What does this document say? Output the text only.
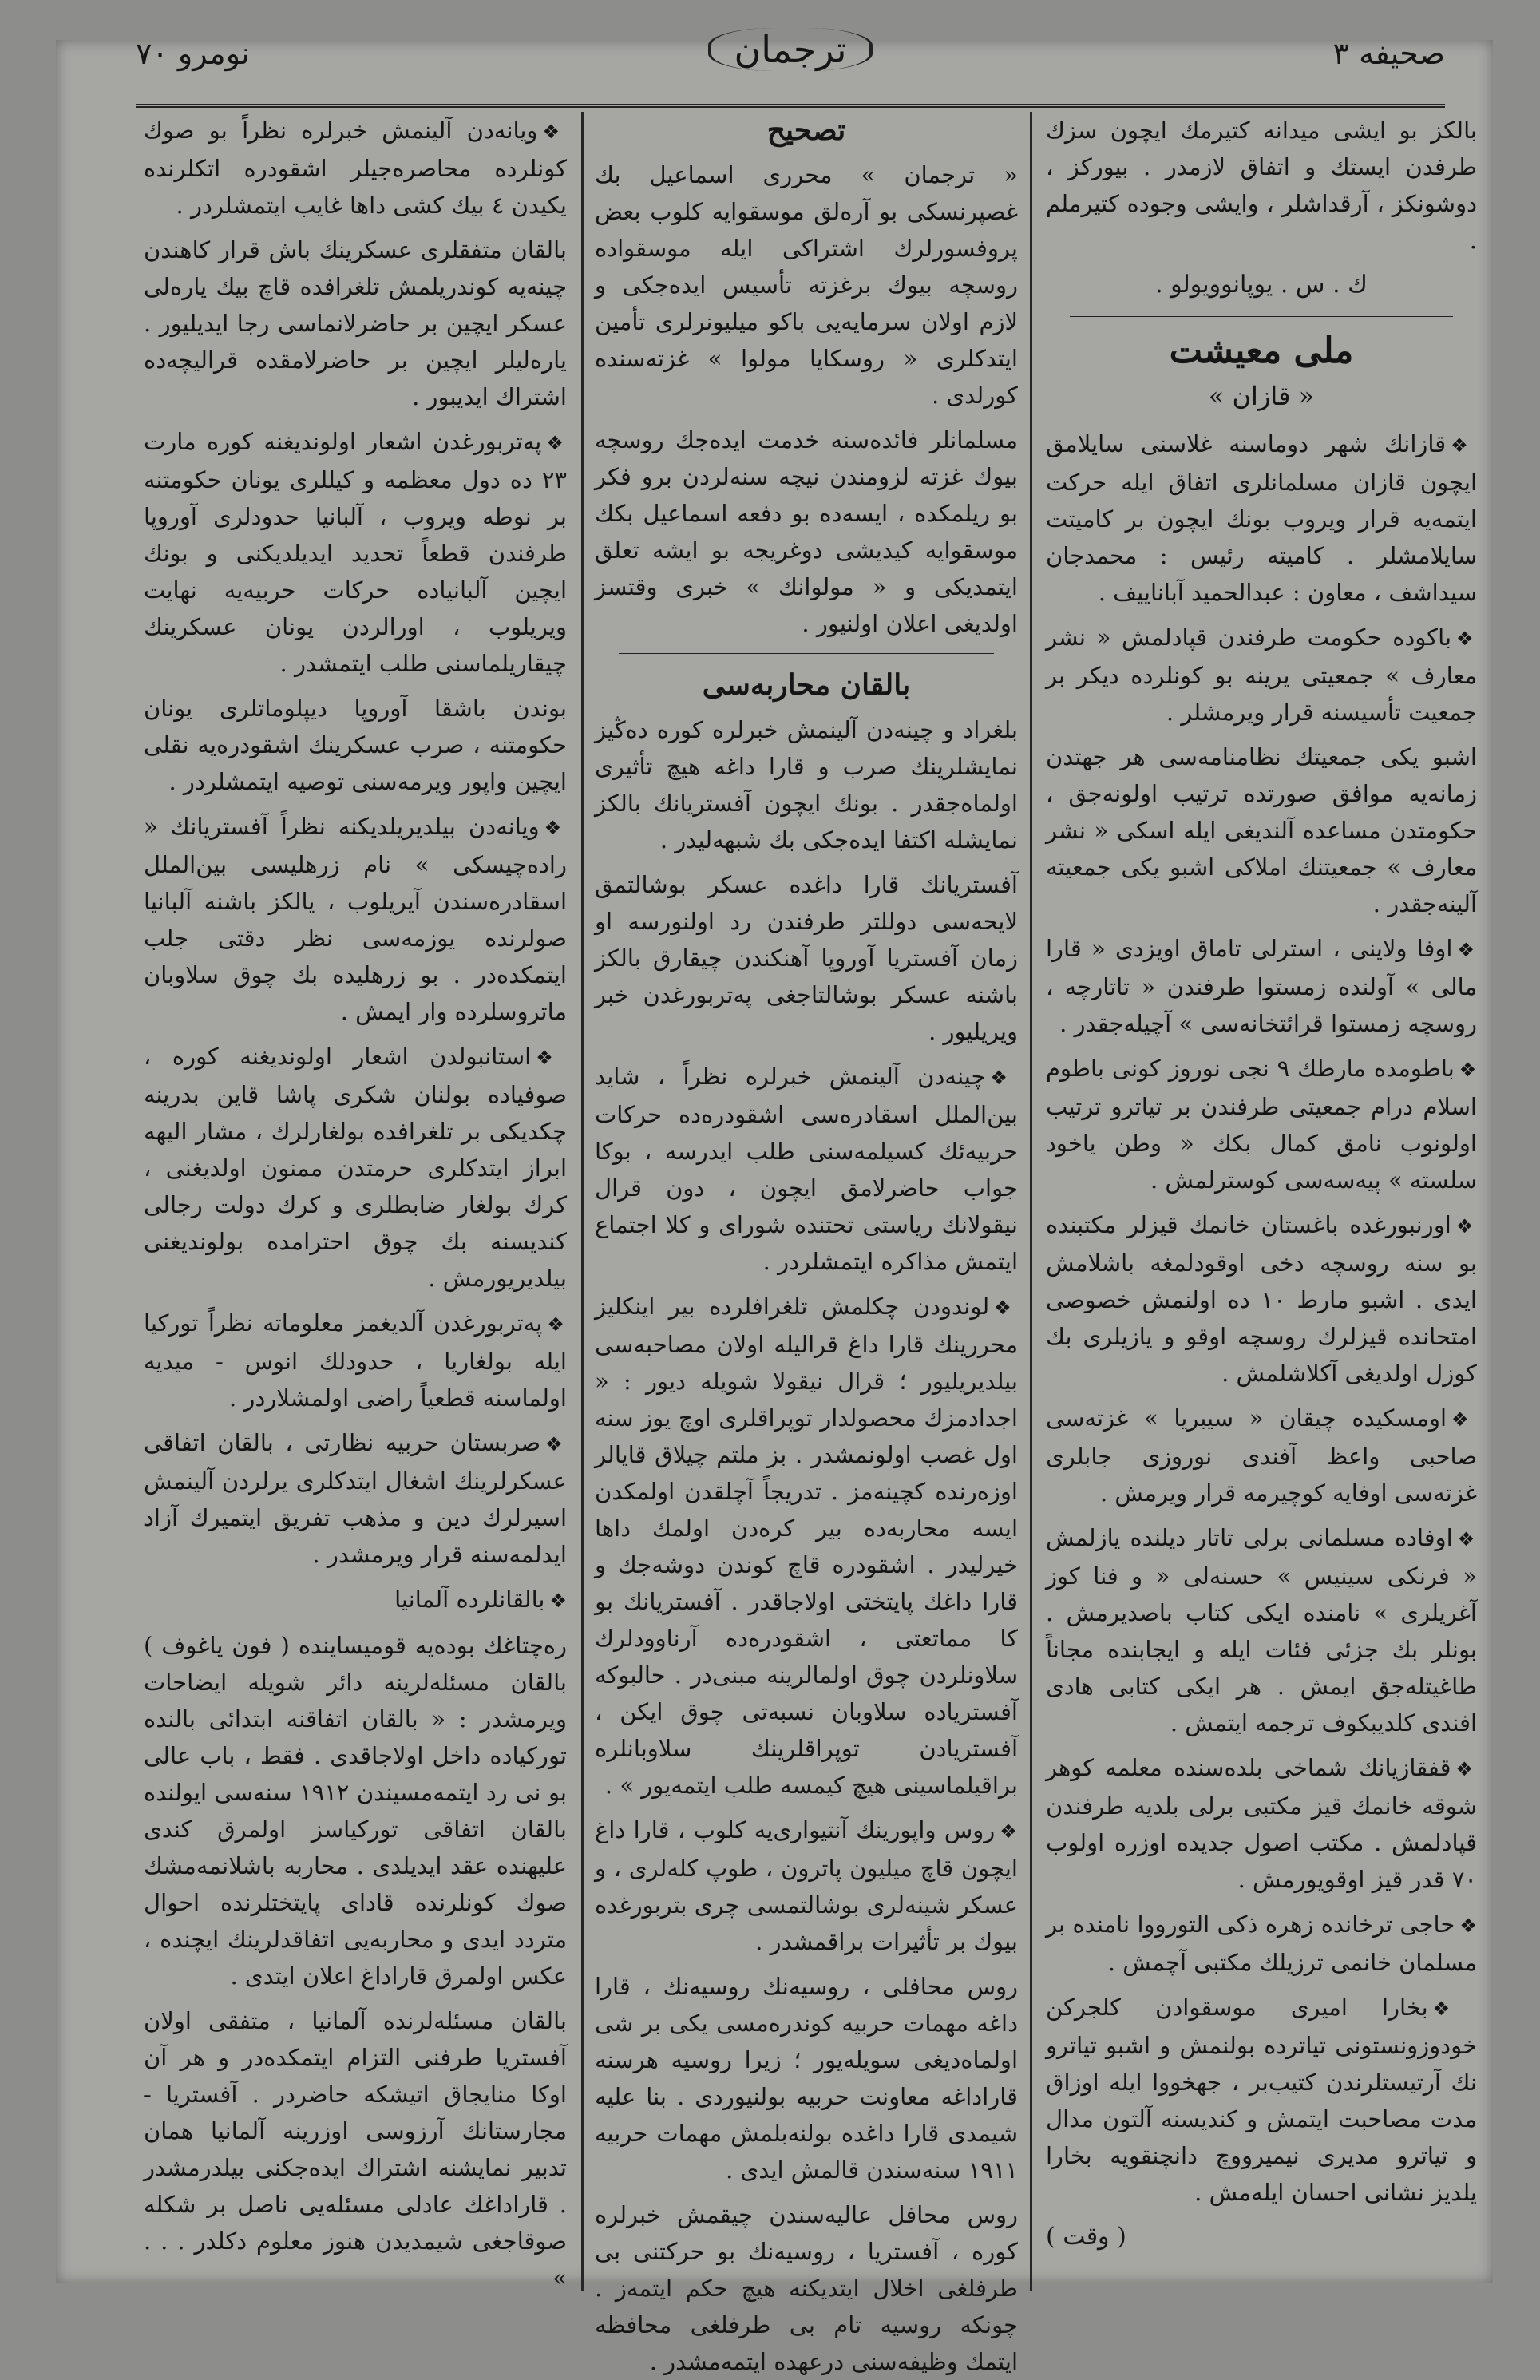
نومرو ٧٠	ترجمان	صحیفه ٣

بالکز بو ایشی میدانه کتیرمك ایچون سزك طرفدن ایستك و اتفاق لازمدر . بیورکز ، دوشونکز ، آرقداشلر ، وایشی وجوده کتیرملم .

ك . س . یوپانوویولو .
ملی معیشت
« قازان »

❖قازانك شهر دوماسنه غلاسنی سایلامق ایچون قازان مسلمانلری اتفاق ایله حرکت ایتمه‌یه قرار ویروب بونك ایچون بر کامیتت سایلامشلر . کامیته رئیس : محمدجان سیداشف ، معاون : عبدالحمید آباناییف .

❖باکوده حکومت طرفندن قپادلمش « نشر معارف » جمعیتی یرینه بو کونلرده دیکر بر جمعیت تأسیسنه قرار ویرمشلر .

اشبو یکی جمعیتك نظامنامه‌سی هر جهتدن زمانه‌یه موافق صورتده ترتیب اولونه‌جق ، حکومتدن مساعده آلندیغی ایله اسکی « نشر معارف » جمعیتنك املاکی اشبو یکی جمعیته آلینه‌جقدر .

❖اوفا ولاینی ، استرلی تاماق اویزدی « قارا مالی » آولنده زمستوا طرفندن « تاتارچه ، روسچه زمستوا قرائتخانه‌سی » آچیله‌جقدر .

❖باطومده مارطك ٩ نجی نوروز کونی باطوم اسلام درام جمعیتی طرفندن بر تیاترو ترتیب اولونوب نامق کمال بکك « وطن یاخود سلسته » پیه‌سه‌سی کوسترلمش .

❖اورنبورغده باغستان خانمك قیزلر مکتبنده بو سنه روسچه دخی اوقودلمغه باشلامش ایدی . اشبو مارط ١٠ ده اولنمش خصوصی امتحانده قیزلرك روسچه اوقو و یازیلری بك کوزل اولدیغی آکلاشلمش .

❖اومسکیده چیقان « سیبریا » غزته‌سی صاحبی واعظ آفندی نوروزی جابلری غزته‌سی اوفایه کوچیرمه قرار ویرمش .

❖اوفاده مسلمانی برلی تاتار دیلنده یازلمش « فرنکی سینیس » حسنه‌لی « و فنا کوز آغریلری » نامنده ایکی کتاب باصدیرمش . بونلر بك جزئی فئات ایله و ایجابنده مجاناً طاغیتله‌جق ایمش . هر ایکی کتابی هادی افندی کلدیبکوف ترجمه ایتمش .

❖قفقازیانك شماخی بلده‌سنده معلمه کوهر شوقه خانمك قیز مکتبی برلی بلدیه طرفندن قپادلمش . مکتب اصول جدیده اوزره اولوب ٧٠ قدر قیز اوقویورمش .

❖حاجی ترخانده زهره ذکی التورووا نامنده بر مسلمان خانمی ترزیلك مکتبی آچمش .

❖بخارا امیری موسقوادن کلجرکن خودوزونستونی تیاترده بولنمش و اشبو تیاترو نك آرتیستلرندن کتیب‌بر ، جهخووا ایله اوزاق مدت مصاحبت ایتمش و کندیسنه آلتون مدال و تیاترو مدیری نیمیرووچ دانچنقویه بخارا یلدیز نشانی احسان ایله‌مش .

( وقت )
تصحیح

« ترجمان » محرری اسماعیل بك غصپرنسکی بو آره‌لق موسقوایه کلوب بعض پروفسورلرك اشتراکی ایله موسقواده روسچه بیوك برغزته تأسیس ایده‌جکی و لازم اولان سرمایه‌یی باکو میلیونرلری تأمین ایتدکلری « روسکایا مولوا » غزته‌سنده کورلدی .

مسلمانلر فائده‌سنه خدمت ایده‌جك روسچه بیوك غزته لزومندن نیچه سنه‌لردن برو فکر بو ریلمکده ، ایسه‌ده بو دفعه اسماعیل بکك موسقوایه کیدیشی دوغریجه بو ایشه تعلق ایتمدیکی و « مولوانك » خبری وقتسز اولدیغی اعلان اولنیور .

بالقان محاربه‌سی

بلغراد و چینه‌دن آلینمش خبرلره کوره دەڭیز نمایشلرینك صرب و قارا داغه هیچ تأثیری اولماه‌جقدر . بونك ایچون آفستریانك بالکز نمایشله اکتفا ایده‌جکی بك شبهه‌لیدر .

آفستریانك قارا داغده عسکر بوشالتمق لایحه‌سی دوللتر طرفندن رد اولنورسه او زمان آفستریا آوروپا آهنکندن چیقارق بالکز باشنه عسکر بوشالتاجغی پەتربورغدن خبر ویریلیور .

❖چینه‌دن آلینمش خبرلره نظراً ، شاید بین‌الملل اسقادره‌سی اشقودره‌ده حرکات حربیه‌ئك کسیلمه‌سنی طلب ایدرسه ، بوکا جواب حاضرلامق ایچون ، دون قرال نیقولانك ریاستی تحتنده شورای و کلا اجتماع ایتمش مذاکره ایتمشلردر .

❖لوندودن چکلمش تلغرافلرده بیر اینکلیز محررینك قارا داغ قرالیله اولان مصاحبه‌سی بیلدیریلیور ؛ قرال نیقولا شویله دیور : « اجدادمزك محصولدار توپراقلری اوچ یوز سنه اول غصب اولونمشدر . بز ملتم چیلاق قایالر اوزه‌رنده کچینه‌مز . تدریجاً آچلقدن اولمکدن ایسه محاربه‌ده بیر کره‌دن اولمك داها خیرلیدر . اشقودره قاچ کوندن دوشه‌جك و قارا داغك پایتختی اولاجاقدر . آفستریانك بو کا مماتعتی ، اشقودره‌ده آرناوودلرك سلاونلردن چوق اولمالرینه مبنی‌در . حالبوکه آفستریاده سلاوبان نسبه‌تی چوق ایکن ، آفستریادن توپراقلرینك سلاوبانلره براقیلماسینی هیچ کیمسه طلب ایتمه‌یور » .

❖روس واپورینك آنتیواری‌یه کلوب ، قارا داغ ایچون قاچ میلیون پاترون ، طوپ کله‌لری ، و عسکر شینه‌لری بوشالتمسی چری بتربورغده بیوك بر تأثیرات براقمشدر .

روس محافلی ، روسیه‌نك روسیه‌نك ، قارا داغه مهمات حربیه کوندره‌مسی یکی بر شی اولماه‌دیغی سویله‌یور ؛ زیرا روسیه هرسنه قاراداغه معاونت حربیه بولنیوردی . بنا علیه شیمدی قارا داغده بولنه‌بلمش مهمات حربیه ١٩١١ سنه‌سندن قالمش ایدی .

روس محافل عالیه‌سندن چیقمش خبرلره کوره ، آفستریا ، روسیه‌نك بو حرکتنی بی طرفلغی اخلال ایتدیکنه هیچ حکم ایتمەز . چونکه روسیه تام بی طرفلغی محافظه ایتمك وظیفه‌سنی درعهده ایتمەمشدر .

❖ویانه‌دن آلینمش خبرلره نظراً بو صوك کونلرده محاصره‌جیلر اشقودره اتکلرنده یکیدن ٤ بیك کشی داها غایب ایتمشلردر .

بالقان متفقلری عسکرینك باش قرار کاهندن چینه‌یه کوندریلمش تلغرافده قاچ بیك یاره‌لی عسکر ایچین بر حاضرلانماسی رجا ایدیلیور . یاره‌لیلر ایچین بر حاضرلامقده قرالیچه‌ده اشتراك ایدیبور .

❖پەتربورغدن اشعار اولوندیغنه کوره مارت ٢٣ ده دول معظمه و کیللری یونان حکومتنه بر نوطه ویروب ، آلبانیا حدودلری آوروپا طرفندن قطعاً تحدید ایدیلدیکنی و بونك ایچین آلبانیاده حرکات حربیه‌یه نهایت ویریلوب ، اورالردن یونان عسکرینك چیقاریلماسنی طلب ایتمشدر .

بوندن باشقا آوروپا دیپلوماتلری یونان حکومتنه ، صرب عسکرینك اشقودره‌یه نقلی ایچین واپور ویرمه‌سنی توصیه ایتمشلردر .

❖ویانه‌دن بیلدیریلدیکنه نظراً آفستریانك « راده‌چیسکی » نام زرهلیسی بین‌الملل اسقادره‌سندن آیریلوب ، یالکز باشنه آلبانیا صولرنده یوزمه‌سی نظر دقتی جلب ایتمکده‌در . بو زرهلیده بك چوق سلاوبان ماتروسلرده وار ایمش .

❖استانبولدن اشعار اولوندیغنه کوره ، صوفیاده بولنان شکری پاشا قاین بدرینه چکدیکی بر تلغرافده بولغارلرك ، مشار الیهه ابراز ایتدکلری حرمتدن ممنون اولدیغنی ، کرك بولغار ضابطلری و کرك دولت رجالی کندیسنه بك چوق احترامده بولوندیغنی بیلدیریورمش .

❖پەتربورغدن آلدیغمز معلوماته نظراً تورکیا ایله بولغاریا ، حدودلك انوس - میدیه اولماسنه قطعیاً راضی اولمشلاردر .

❖صربستان حربیه نظارتی ، بالقان اتفاقی عسکرلرینك اشغال ایتدکلری یرلردن آلینمش اسیرلرك دین و مذهب تفریق ایتمیرك آزاد ایدلمه‌سنه قرار ویرمشدر .

❖بالقانلرده آلمانیا

ره‌چتاغك بوده‌یه قومیساینده ( فون یاغوف ) بالقان مسئله‌لرینه دائر شویله ایضاحات ویرمشدر : « بالقان اتفاقنه ابتدائی بالنده تورکیاده داخل اولاجاقدی . فقط ، باب عالی بو نی رد ایتمه‌مسیندن ١٩١٢ سنه‌سی ایولنده بالقان اتفاقی تورکیاسز اولمرق کندی علیهنده عقد ایدیلدی . محاربه باشلانمه‌مشك صوك کونلرنده قادای پایتختلرنده احوال متردد ایدی و محاربه‌یی اتفاقدلرینك ایچنده ، عکس اولمرق قاراداغ اعلان ایتدی .

بالقان مسئله‌لرنده آلمانیا ، متفقی اولان آفستریا طرفنی التزام ایتمکده‌در و هر آن اوکا منایجاق اتیشکه حاضردر . آفستریا - مجارستانك آرزوسی اوزرینه آلمانیا همان تدبیر نمایشنه اشتراك ایده‌جکنی بیلدرمشدر . قاراداغك عادلی مسئله‌یی ناصل بر شکله صوقاجغی شیمدیدن هنوز معلوم دکلدر . . . »
